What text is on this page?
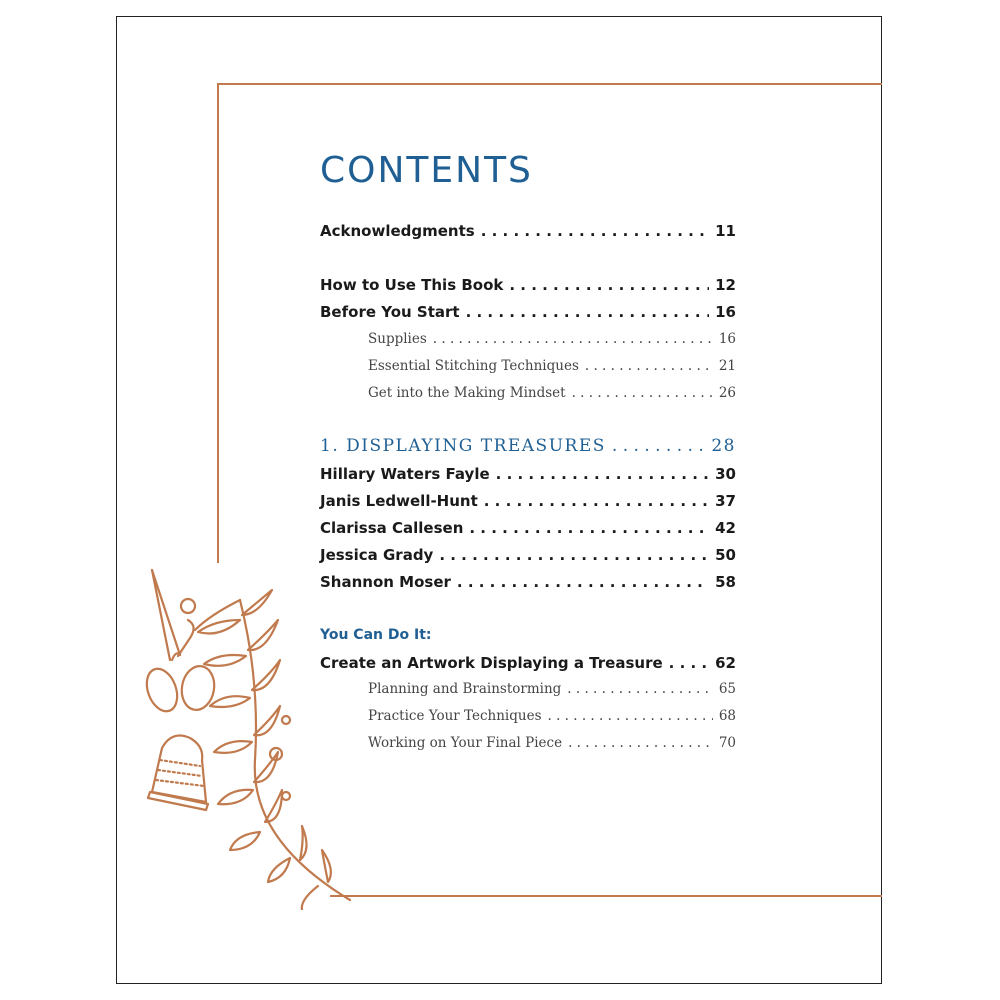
CONTENTS
Acknowledgments . . .	11
How to Use This Book . . .	12
Before You Start . . .	16
Supplies . . .	16
Essential Stitching Techniques . . .	21
Get into the Making Mindset . . .	26
1. DISPLAYING TREASURES . . .	28
Hillary Waters Fayle . . .	30
Janis Ledwell-Hunt . . .	37
Clarissa Callesen . . .	42
Jessica Grady . . .	50
Shannon Moser . . .	58
You Can Do It:
Create an Artwork Displaying a Treasure . . .	62
Planning and Brainstorming . . .	65
Practice Your Techniques . . .	68
Working on Your Final Piece . . .	70
